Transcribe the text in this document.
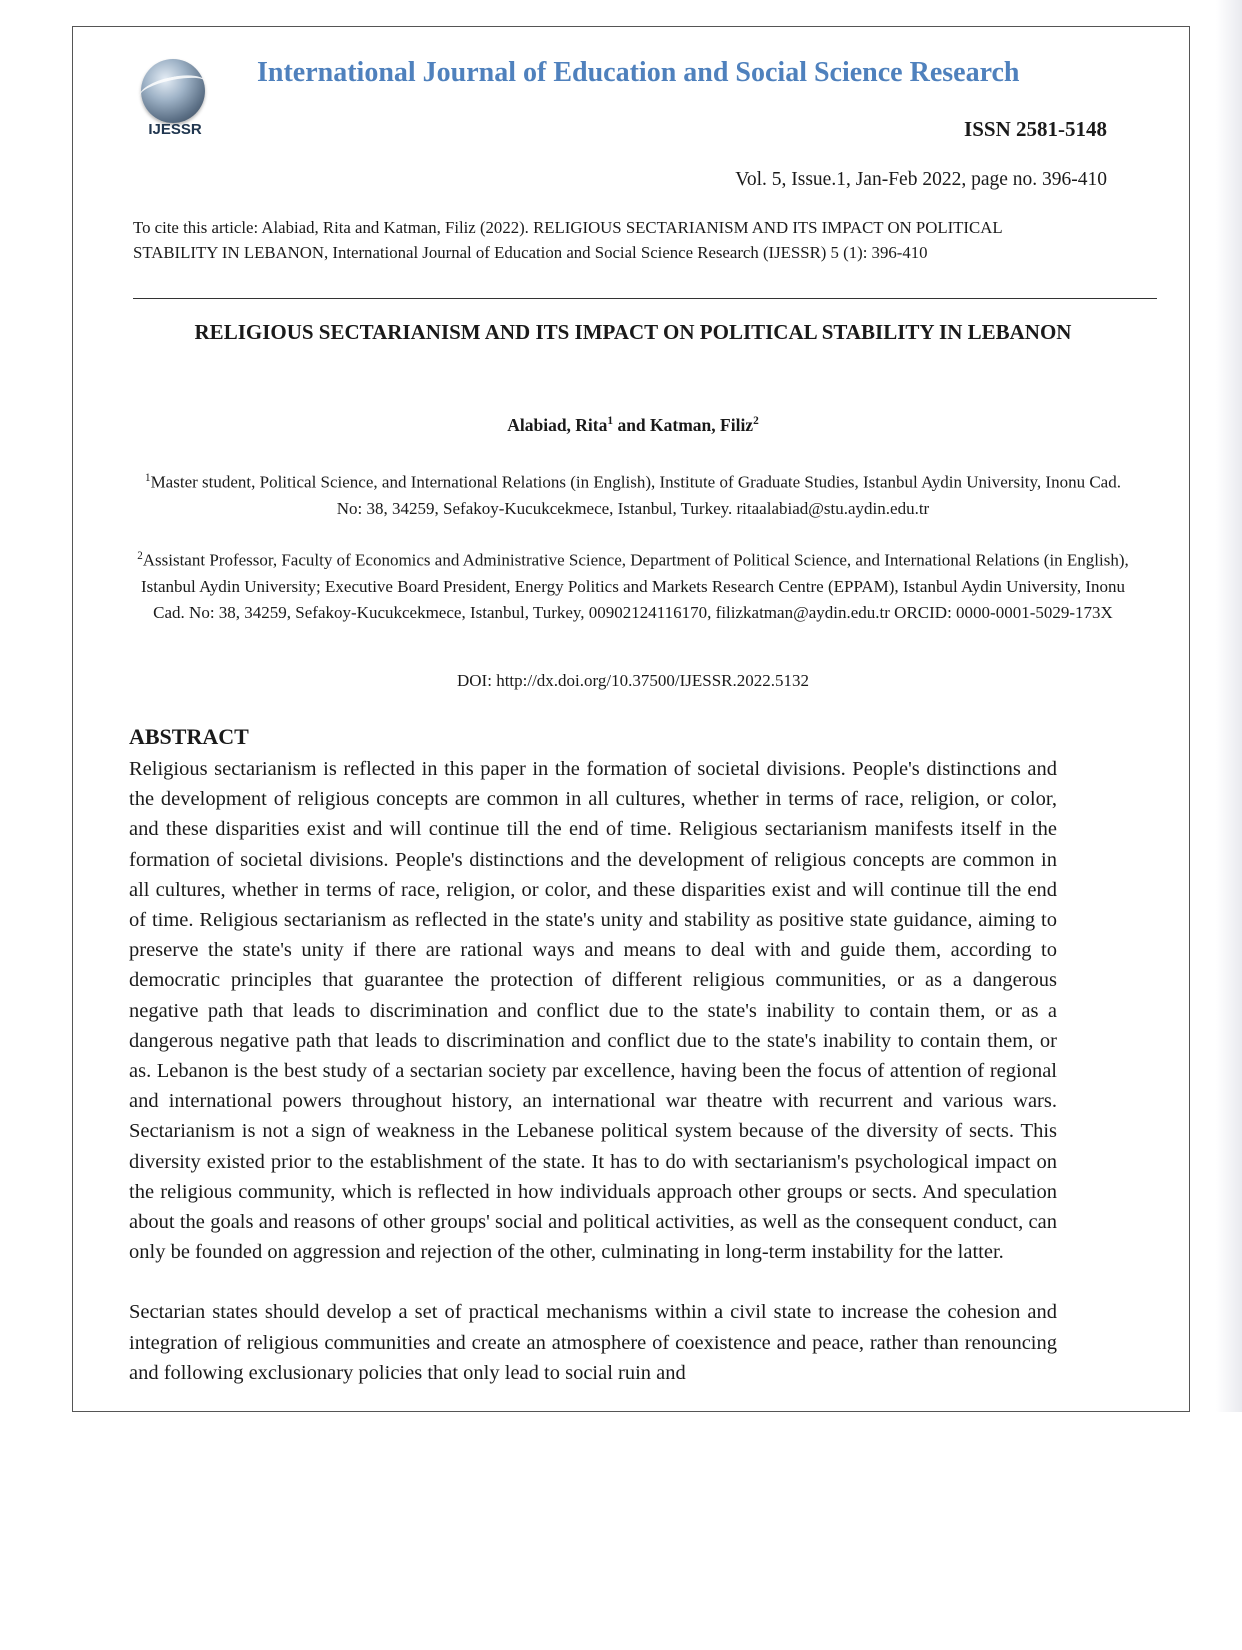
IJESSR
International Journal of Education and Social Science Research
ISSN 2581-5148
Vol. 5, Issue.1, Jan-Feb 2022, page no. 396-410
To cite this article: Alabiad, Rita and Katman, Filiz (2022). RELIGIOUS SECTARIANISM AND ITS IMPACT ON POLITICAL STABILITY IN LEBANON, International Journal of Education and Social Science Research (IJESSR) 5 (1): 396-410
RELIGIOUS SECTARIANISM AND ITS IMPACT ON POLITICAL STABILITY IN LEBANON
Alabiad, Rita$^1$ and Katman, Filiz$^2$
$^1$Master student, Political Science, and International Relations (in English), Institute of Graduate Studies, Istanbul Aydin University, Inonu Cad. No: 38, 34259, Sefakoy-Kucukcekmece, Istanbul, Turkey. ritaalabiad@stu.aydin.edu.tr
$^2$Assistant Professor, Faculty of Economics and Administrative Science, Department of Political Science, and International Relations (in English), Istanbul Aydin University; Executive Board President, Energy Politics and Markets Research Centre (EPPAM), Istanbul Aydin University, Inonu Cad. No: 38, 34259, Sefakoy-Kucukcekmece, Istanbul, Turkey, 00902124116170, filizkatman@aydin.edu.tr ORCID: 0000-0001-5029-173X
DOI: http://dx.doi.org/10.37500/IJESSR.2022.5132
ABSTRACT

Religious sectarianism is reflected in this paper in the formation of societal divisions. People's distinctions and the development of religious concepts are common in all cultures, whether in terms of race, religion, or color, and these disparities exist and will continue till the end of time. Religious sectarianism manifests itself in the formation of societal divisions. People's distinctions and the development of religious concepts are common in all cultures, whether in terms of race, religion, or color, and these disparities exist and will continue till the end of time. Religious sectarianism as reflected in the state's unity and stability as positive state guidance, aiming to preserve the state's unity if there are rational ways and means to deal with and guide them, according to democratic principles that guarantee the protection of different religious communities, or as a dangerous negative path that leads to discrimination and conflict due to the state's inability to contain them, or as a dangerous negative path that leads to discrimination and conflict due to the state's inability to contain them, or as. Lebanon is the best study of a sectarian society par excellence, having been the focus of attention of regional and international powers throughout history, an international war theatre with recurrent and various wars. Sectarianism is not a sign of weakness in the Lebanese political system because of the diversity of sects. This diversity existed prior to the establishment of the state. It has to do with sectarianism's psychological impact on the religious community, which is reflected in how individuals approach other groups or sects. And speculation about the goals and reasons of other groups' social and political activities, as well as the consequent conduct, can only be founded on aggression and rejection of the other, culminating in long-term instability for the latter.

Sectarian states should develop a set of practical mechanisms within a civil state to increase the cohesion and integration of religious communities and create an atmosphere of coexistence and peace, rather than renouncing and following exclusionary policies that only lead to social ruin and
